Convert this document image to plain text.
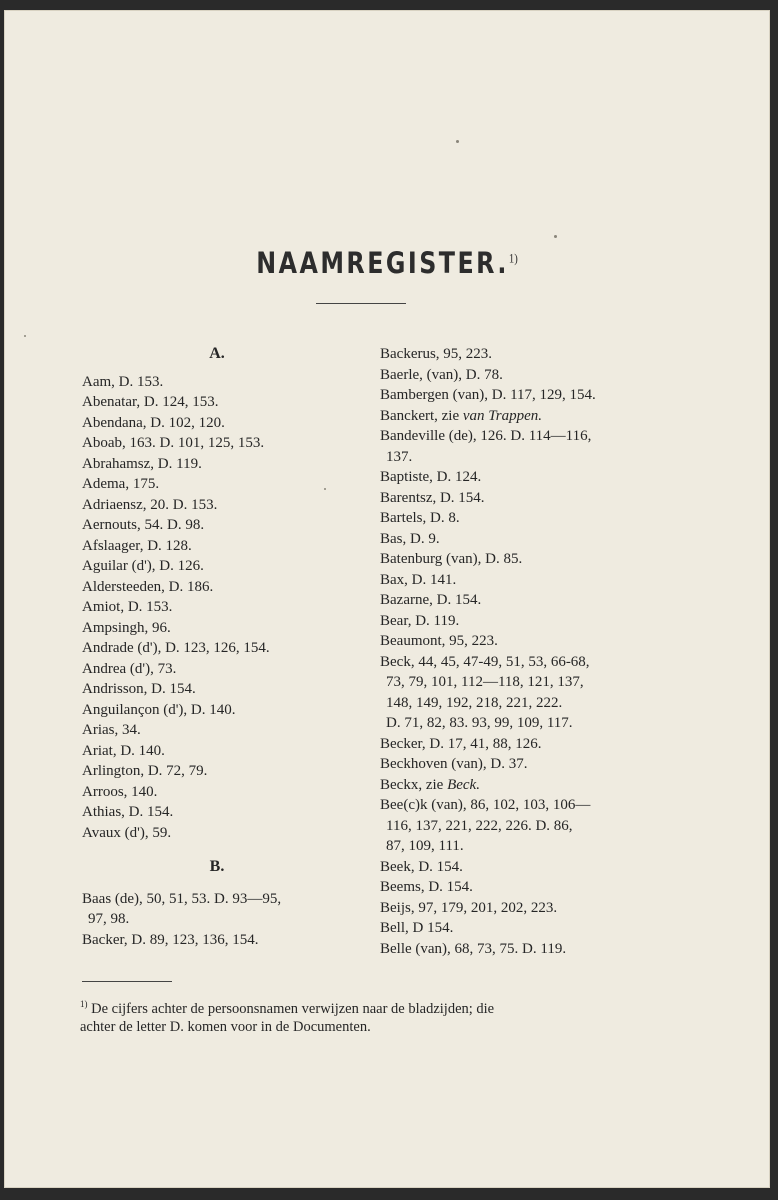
NAAMREGISTER.$^{1)}$
A.
Aam, D. 153.
Abenatar, D. 124, 153.
Abendana, D. 102, 120.
Aboab, 163. D. 101, 125, 153.
Abrahamsz, D. 119.
Adema, 175.
Adriaensz, 20. D. 153.
Aernouts, 54. D. 98.
Afslaager, D. 128.
Aguilar (d'), D. 126.
Aldersteeden, D. 186.
Amiot, D. 153.
Ampsingh, 96.
Andrade (d'), D. 123, 126, 154.
Andrea (d'), 73.
Andrisson, D. 154.
Anguilançon (d'), D. 140.
Arias, 34.
Ariat, D. 140.
Arlington, D. 72, 79.
Arroos, 140.
Athias, D. 154.
Avaux (d'), 59.
B.
Baas (de), 50, 51, 53. D. 93—95,
97, 98.
Backer, D. 89, 123, 136, 154.
Backerus, 95, 223.
Baerle, (van), D. 78.
Bambergen (van), D. 117, 129, 154.
Banckert, zie van Trappen.
Bandeville (de), 126. D. 114—116,
137.
Baptiste, D. 124.
Barentsz, D. 154.
Bartels, D. 8.
Bas, D. 9.
Batenburg (van), D. 85.
Bax, D. 141.
Bazarne, D. 154.
Bear, D. 119.
Beaumont, 95, 223.
Beck, 44, 45, 47-49, 51, 53, 66-68,
73, 79, 101, 112—118, 121, 137,
148, 149, 192, 218, 221, 222.
D. 71, 82, 83. 93, 99, 109, 117.
Becker, D. 17, 41, 88, 126.
Beckhoven (van), D. 37.
Beckx, zie Beck.
Bee(c)k (van), 86, 102, 103, 106—
116, 137, 221, 222, 226. D. 86,
87, 109, 111.
Beek, D. 154.
Beems, D. 154.
Beijs, 97, 179, 201, 202, 223.
Bell, D 154.
Belle (van), 68, 73, 75. D. 119.
$^{1)}$ De cijfers achter de persoonsnamen verwijzen naar de bladzijden; die
achter de letter D. komen voor in de Documenten.
